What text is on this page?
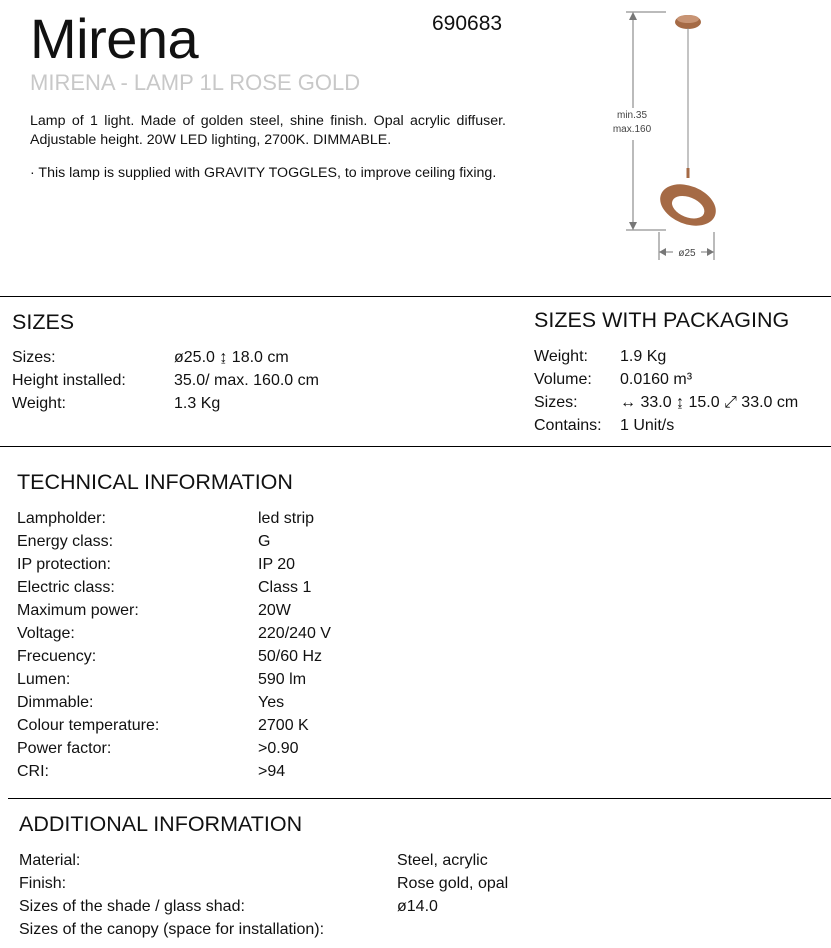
Mirena	690683
MIRENA - LAMP 1L ROSE GOLD

Lamp of 1 light. Made of golden steel, shine finish. Opal acrylic diffuser. Adjustable height. 20W LED lighting, 2700K. DIMMABLE.

· This lamp is supplied with GRAVITY TOGGLES, to improve ceiling fixing.

min.35
max.160
ø25
SIZES
Sizes:	ø25.0 ↨ 18.0 cm
Height installed:	35.0/ max. 160.0 cm
Weight:	1.3 Kg
SIZES WITH PACKAGING
Weight: 1.9 Kg
Volume: 0.0160 m³
Sizes:	↔ 33.0 ↨ 15.0 ⤢ 33.0 cm
Contains: 1 Unit/s
TECHNICAL INFORMATION
Lampholder:	led strip
Energy class:	G
IP protection:	IP 20
Electric class:	Class 1
Maximum power:	20W
Voltage:	220/240 V
Frecuency:	50/60 Hz
Lumen:	590 lm
Dimmable:	Yes
Colour temperature:	2700 K
Power factor:	>0.90
CRI:	>94
ADDITIONAL INFORMATION
Material:	Steel, acrylic
Finish:	Rose gold, opal
Sizes of the shade / glass shad:	ø14.0
Sizes of the canopy (space for installation):
